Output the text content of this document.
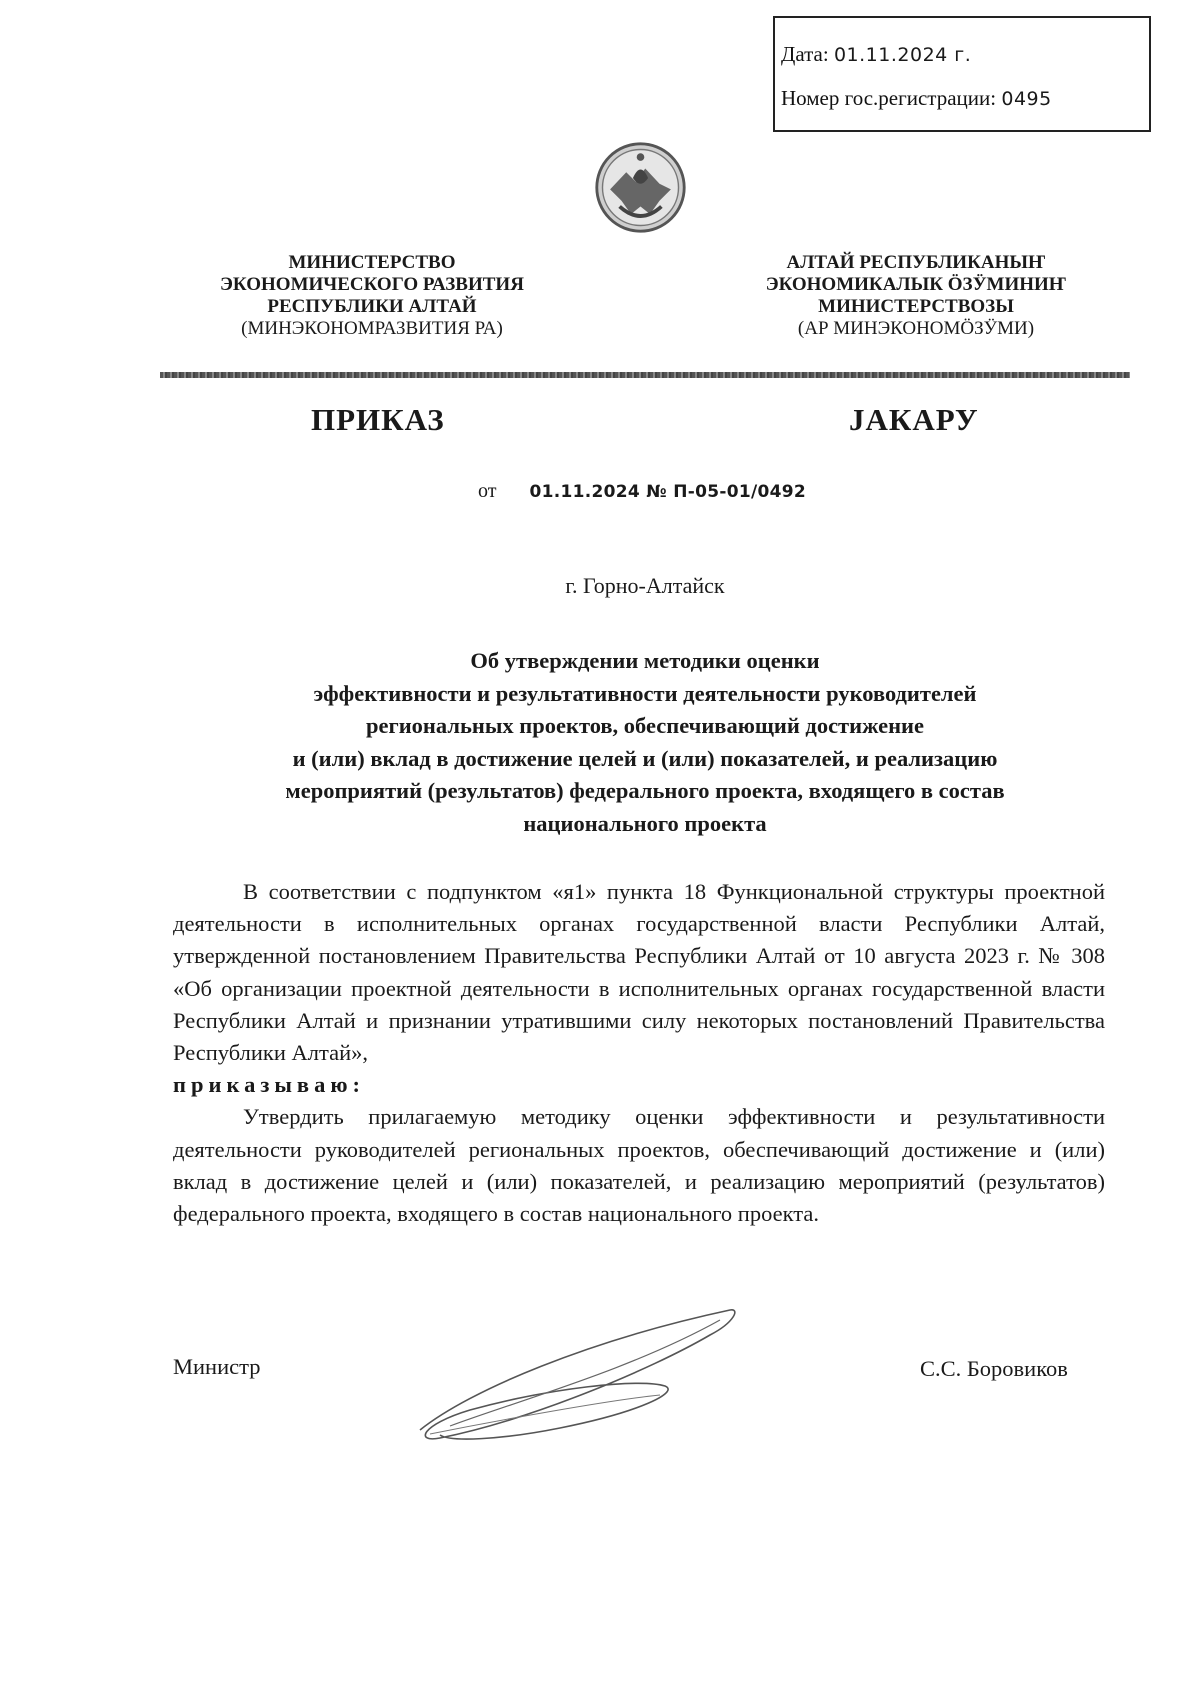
Дата: 01.11.2024 г.
Номер гос.регистрации: 0495
МИНИСТЕРСТВО
ЭКОНОМИЧЕСКОГО РАЗВИТИЯ
РЕСПУБЛИКИ АЛТАЙ
(МИНЭКОНОМРАЗВИТИЯ РА)
АЛТАЙ РЕСПУБЛИКАНЫҤ
ЭКОНОМИКАЛЫК ӦЗӰМИНИҤ
МИНИСТЕРСТВОЗЫ
(АР МИНЭКОНОМӦЗӰМИ)
ПРИКАЗ	JАКАРУ
от 01.11.2024 № П-05-01/0492
г. Горно-Алтайск
Об утверждении методики оценки
эффективности и результативности деятельности руководителей
региональных проектов, обеспечивающий достижение
и (или) вклад в достижение целей и (или) показателей, и реализацию
мероприятий (результатов) федерального проекта, входящего в состав
национального проекта

В соответствии с подпунктом «я1» пункта 18 Функциональной структуры проектной деятельности в исполнительных органах государственной власти Республики Алтай, утвержденной постановлением Правительства Республики Алтай от 10 августа 2023 г. № 308 «Об организации проектной деятельности в исполнительных органах государственной власти Республики Алтай и признании утратившими силу некоторых постановлений Правительства Республики Алтай»,

приказываю:

Утвердить прилагаемую методику оценки эффективности и результативности деятельности руководителей региональных проектов, обеспечивающий достижение и (или) вклад в достижение целей и (или) показателей, и реализацию мероприятий (результатов) федерального проекта, входящего в состав национального проекта.

Министр	С.С. Боровиков
